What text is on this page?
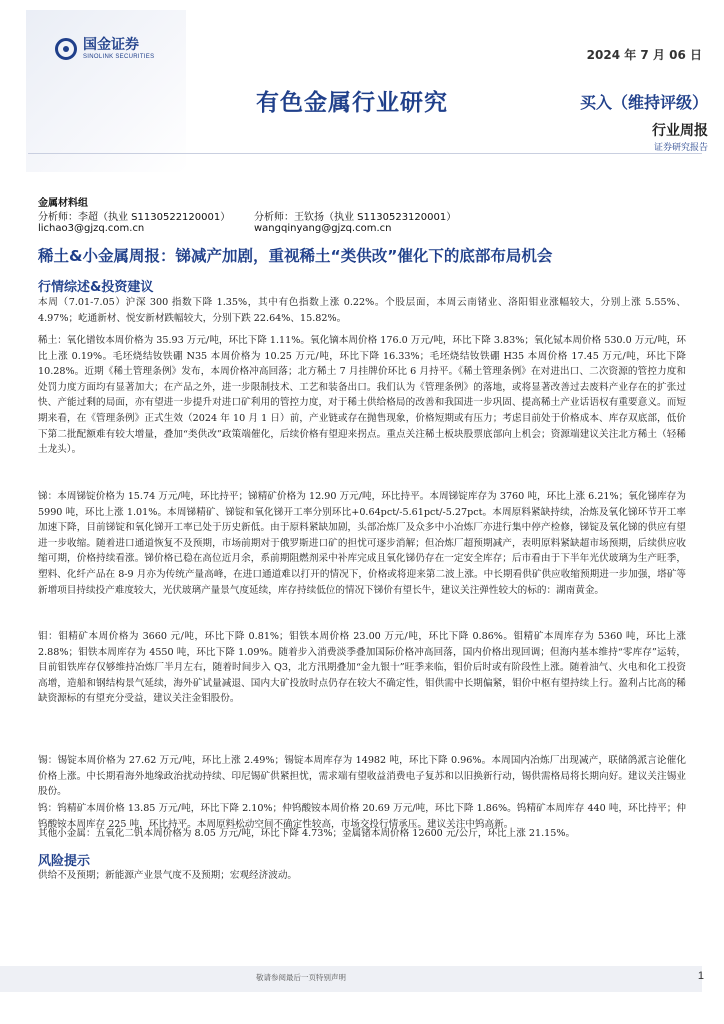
国金证券
SINOLINK SECURITIES	2024 年 7 月 06 日
有色金属行业研究	买入（维持评级）
行业周报
证券研究报告
金属材料组
分析师：李超（执业 S1130522120001）
lichao3@gjzq.com.cn
分析师：王钦扬（执业 S1130523120001）
wangqinyang@gjzq.com.cn
稀土&小金属周报：锑减产加剧，重视稀土“类供改”催化下的底部布局机会
行情综述&投资建议

本周（7.01-7.05）沪深 300 指数下降 1.35%，其中有色指数上涨 0.22%。个股层面，本周云南锗业、洛阳钼业涨幅较大，分别上涨 5.55%、4.97%；屹通新材、悦安新材跌幅较大，分别下跌 22.64%、15.82%。

稀土：氧化镨钕本周价格为 35.93 万元/吨，环比下降 1.11%。氧化镝本周价格 176.0 万元/吨，环比下降 3.83%；氧化铽本周价格 530.0 万元/吨，环比上涨 0.19%。毛坯烧结钕铁硼 N35 本周价格为 10.25 万元/吨，环比下降 16.33%；毛坯烧结钕铁硼 H35 本周价格 17.45 万元/吨，环比下降 10.28%。近期《稀土管理条例》发布，本周价格冲高回落；北方稀土 7 月挂牌价环比 6 月持平。《稀土管理条例》在对进出口、二次资源的管控力度和处罚力度方面均有显著加大；在产品之外，进一步限制技术、工艺和装备出口。我们认为《管理条例》的落地，或将显著改善过去废料产业存在的扩张过快、产能过剩的局面，亦有望进一步提升对进口矿利用的管控力度，对于稀土供给格局的改善和我国进一步巩固、提高稀土产业话语权有重要意义。而短期来看，在《管理条例》正式生效（2024 年 10 月 1 日）前，产业链或存在抛售现象，价格短期或有压力；考虑目前处于价格成本、库存双底部，低价下第二批配额难有较大增量，叠加“类供改”政策端催化，后续价格有望迎来拐点。重点关注稀土板块股票底部向上机会；资源端建议关注北方稀土（轻稀土龙头）。

锑：本周锑锭价格为 15.74 万元/吨，环比持平；锑精矿价格为 12.90 万元/吨，环比持平。本周锑锭库存为 3760 吨，环比上涨 6.21%；氧化锑库存为 5990 吨，环比上涨 1.01%。本周锑精矿、锑锭和氧化锑开工率分别环比+0.64pct/-5.61pct/-5.27pct。本周原料紧缺持续，冶炼及氧化锑环节开工率加速下降，目前锑锭和氧化锑开工率已处于历史新低。由于原料紧缺加剧，头部冶炼厂及众多中小冶炼厂亦进行集中停产检修，锑锭及氧化锑的供应有望进一步收缩。随着进口通道恢复不及预期，市场前期对于俄罗斯进口矿的担忧可逐步消解；但冶炼厂超预期减产，表明原料紧缺超市场预期，后续供应收缩可期，价格持续看涨。锑价格已稳在高位近月余，系前期阻燃剂采中补库完成且氧化锑仍存在一定安全库存；后市看由于下半年光伏玻璃为生产旺季，塑料、化纤产品在 8-9 月亦为传统产量高峰，在进口通道难以打开的情况下，价格或将迎来第二波上涨。中长期看供矿供应收缩预期进一步加强，塔矿等新增项目持续投产难度较大，光伏玻璃产量景气度延续，库存持续低位的情况下锑价有望长牛，建议关注弹性较大的标的：湖南黄金。

钼：钼精矿本周价格为 3660 元/吨，环比下降 0.81%；钼铁本周价格 23.00 万元/吨，环比下降 0.86%。钼精矿本周库存为 5360 吨，环比上涨 2.88%；钼铁本周库存为 4550 吨，环比下降 1.09%。随着步入消费淡季叠加国际价格冲高回落，国内价格出现回调；但海内基本维持“零库存”运转，目前钼铁库存仅够维持冶炼厂半月左右，随着时间步入 Q3，北方汛期叠加“金九银十”旺季来临，钼价后时或有阶段性上涨。随着油气、火电和化工投资高增，造船和钢结构景气延续，海外矿试量减退、国内大矿投放时点仍存在较大不确定性，钼供需中长期偏紧，钼价中枢有望持续上行。盈利占比高的稀缺资源标的有望充分受益，建议关注金钼股份。

锡：锡锭本周价格为 27.62 万元/吨，环比上涨 2.49%；锡锭本周库存为 14982 吨，环比下降 0.96%。本周国内冶炼厂出现减产，联储鸽派言论催化价格上涨。中长期看海外地缘政治扰动持续、印尼锡矿供紧担忧，需求端有望收益消费电子复苏和以旧换新行动，锡供需格局将长期向好。建议关注锡业股份。

钨：钨精矿本周价格 13.85 万元/吨，环比下降 2.10%；仲钨酸铵本周价格 20.69 万元/吨，环比下降 1.86%。钨精矿本周库存 440 吨，环比持平；仲钨酸铵本周库存 225 吨，环比持平。本周原料松动空间不确定性较高，市场交投行情承压。建议关注中钨高新。

其他小金属：五氧化二钒本周价格为 8.05 万元/吨，环比下降 4.73%；金属锗本周价格 12600 元/公斤，环比上涨 21.15%。

风险提示

供给不及预期；新能源产业景气度不及预期；宏观经济波动。

敬请参阅最后一页特别声明	1
